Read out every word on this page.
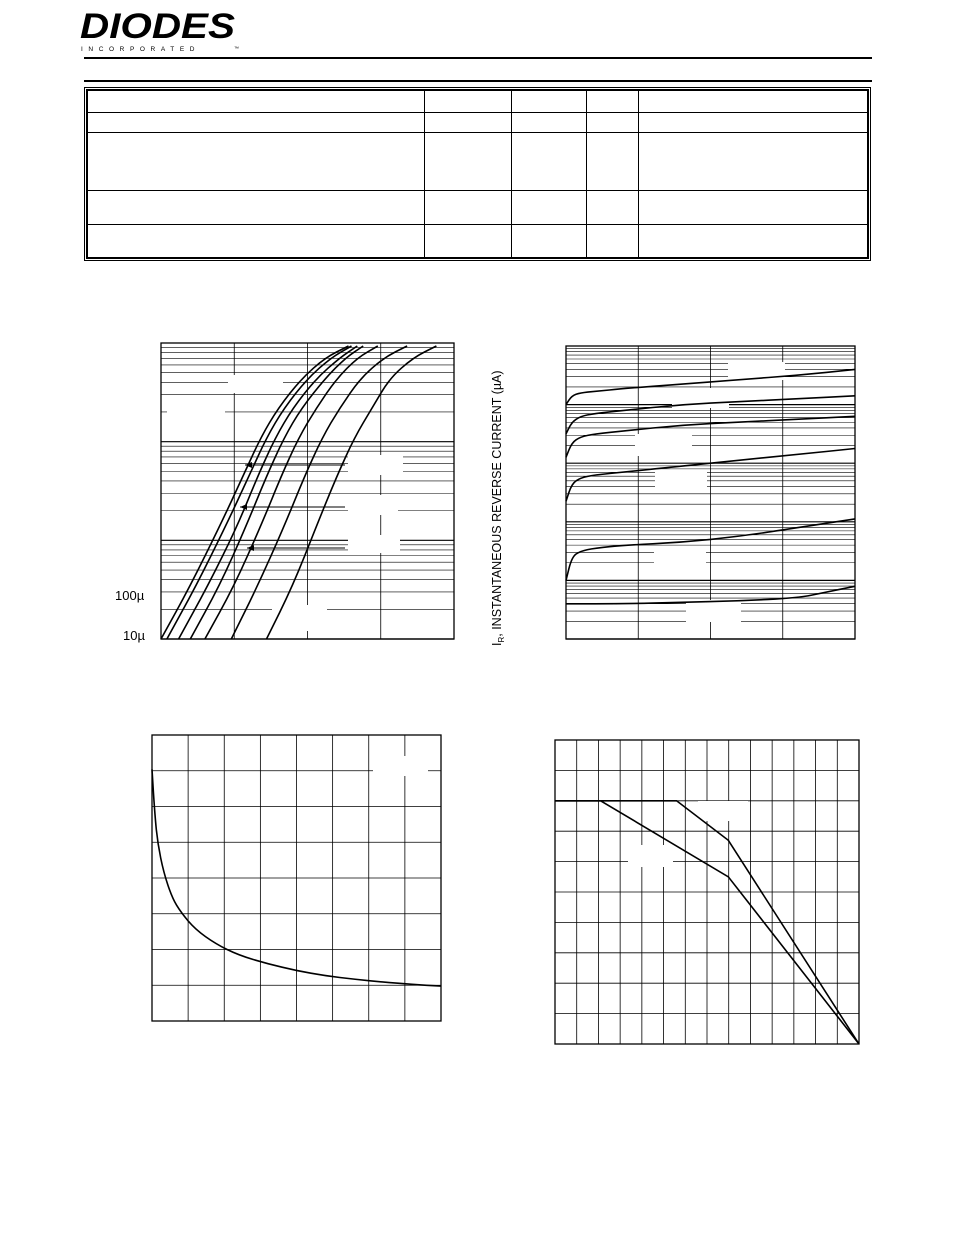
DIODES
INCORPORATED	™

100µ
10µ
$I_R$, INSTANTANEOUS REVERSE CURRENT (µA)
